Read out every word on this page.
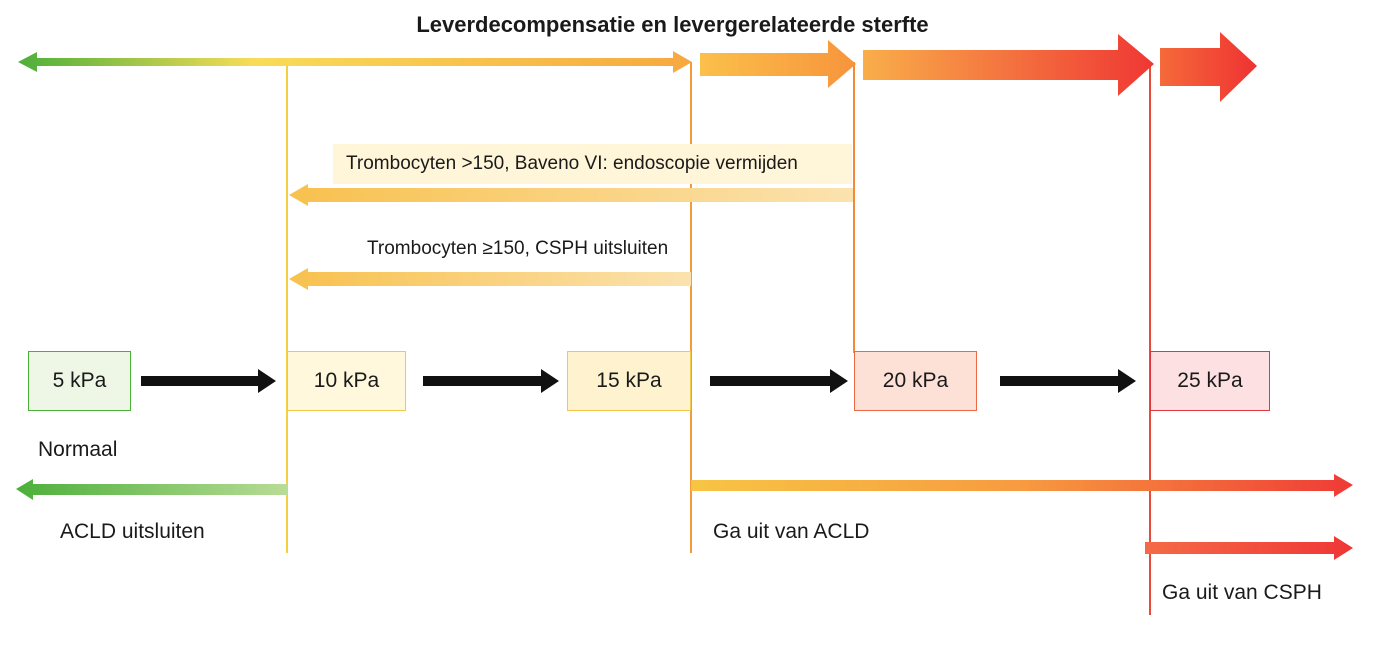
Leverdecompensatie en levergerelateerde sterfte
Trombocyten >150, Baveno VI: endoscopie vermijden
Trombocyten ≥150, CSPH uitsluiten
5 kPa	10 kPa	15 kPa	20 kPa	25 kPa
Normaal
ACLD uitsluiten	Ga uit van ACLD
Ga uit van CSPH
